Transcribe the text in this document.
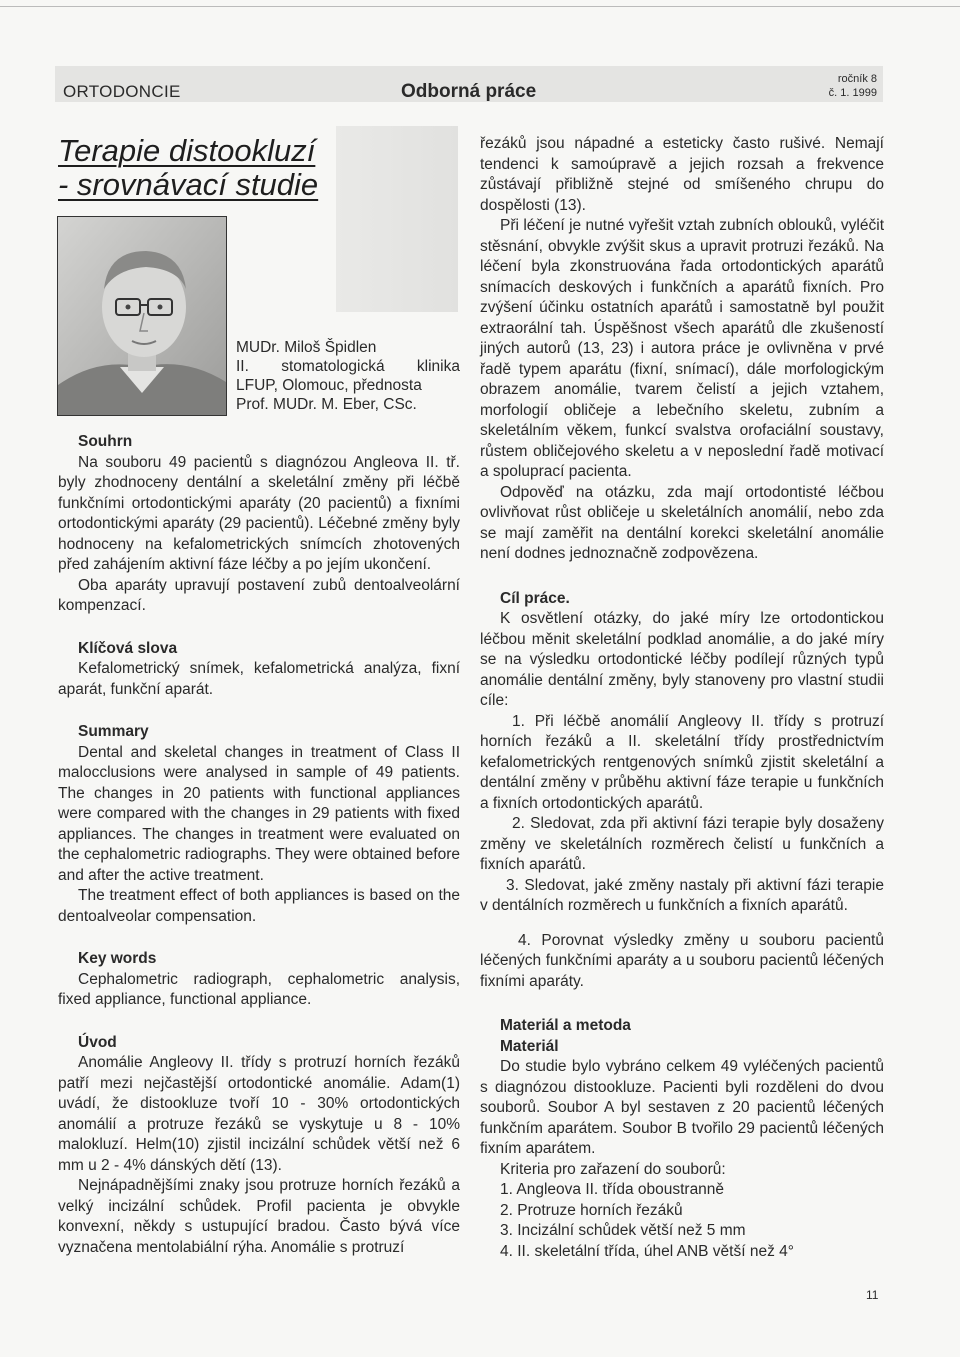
ORTODONCIE	Odborná práce
ročník 8
č. 1. 1999
Terapie distookluzí
- srovnávací studie
MUDr. Miloš Špidlen
II. stomatologická klinika
LFUP, Olomouc, přednosta
Prof. MUDr. M. Eber, CSc.
Souhrn

Na souboru 49 pacientů s diagnózou Angleova II. tř. byly zhodnoceny dentální a skeletální změny při léčbě funkčními ortodontickými aparáty (20 pacientů) a fixními ortodontickými aparáty (29 pacientů). Léčebné změny byly hodnoceny na kefalometrických snímcích zhotovených před zahájením aktivní fáze léčby a po jejím ukončení.

Oba aparáty upravují postavení zubů dentoalveolární kompenzací.

Klíčová slova

Kefalometrický snímek, kefalometrická analýza, fixní aparát, funkční aparát.

Summary

Dental and skeletal changes in treatment of Class II malocclusions were analysed in sample of 49 patients. The changes in 20 patients with functional appliances were compared with the changes in 29 patients with fixed appliances. The changes in treatment were evaluated on the cephalometric radiographs. They were obtained before and after the active treatment.

The treatment effect of both appliances is based on the dentoalveolar compensation.

Key words

Cephalometric radiograph, cephalometric analysis, fixed appliance, functional appliance.

Úvod

Anomálie Angleovy II. třídy s protruzí horních řezáků patří mezi nejčastější ortodontické anomálie. Adam(1) uvádí, že distookluze tvoří 10 - 30% ortodontických anomálií a protruze řezáků se vyskytuje u 8 - 10% malokluzí. Helm(10) zjistil incizální schůdek větší než 6 mm u 2 - 4% dánských dětí (13).

Nejnápadnějšími znaky jsou protruze horních řezáků a velký incizální schůdek. Profil pacienta je obvykle konvexní, někdy s ustupující bradou. Často bývá více vyznačena mentolabiální rýha. Anomálie s protruzí

řezáků jsou nápadné a esteticky často rušivé. Nemají tendenci k samoúpravě a jejich rozsah a frekvence zůstávají přibližně stejné od smíšeného chrupu do dospělosti (13).

Při léčení je nutné vyřešit vztah zubních oblouků, vyléčit stěsnání, obvykle zvýšit skus a upravit protruzi řezáků. Na léčení byla zkonstruována řada ortodontických aparátů snímacích deskových i funkčních a aparátů fixních. Pro zvýšení účinku ostatních aparátů i samostatně byl použit extraorální tah. Úspěšnost všech aparátů dle zkušeností jiných autorů (13, 23) i autora práce je ovlivněna v prvé řadě typem aparátu (fixní, snímací), dále morfologickým obrazem anomálie, tvarem čelistí a jejich vztahem, morfologií obličeje a lebečního skeletu, zubním a skeletálním věkem, funkcí svalstva orofaciální soustavy, růstem obličejového skeletu a v neposlední řadě motivací a spoluprací pacienta.

Odpověď na otázku, zda mají ortodontisté léčbou ovlivňovat růst obličeje u skeletálních anomálií, nebo zda se mají zaměřit na dentální korekci skeletální anomálie není dodnes jednoznačně zodpovězena.

Cíl práce.

K osvětlení otázky, do jaké míry lze ortodontickou léčbou měnit skeletální podklad anomálie, a do jaké míry se na výsledku ortodontické léčby podílejí různých typů anomálie dentální změny, byly stanoveny pro vlastní studii cíle:

1. Při léčbě anomálií Angleovy II. třídy s protruzí horních řezáků a II. skeletální třídy prostřednictvím kefalometrických rentgenových snímků zjistit skeletální a dentální změny v průběhu aktivní fáze terapie u funkčních a fixních ortodontických aparátů.

2. Sledovat, zda při aktivní fázi terapie byly dosaženy změny ve skeletálních rozměrech čelistí u funkčních a fixních aparátů.

3. Sledovat, jaké změny nastaly při aktivní fázi terapie v dentálních rozměrech u funkčních a fixních aparátů.

4. Porovnat výsledky změny u souboru pacientů léčených funkčními aparáty a u souboru pacientů léčených fixními aparáty.

Materiál a metoda
Materiál

Do studie bylo vybráno celkem 49 vyléčených pacientů s diagnózou distookluze. Pacienti byli rozděleni do dvou souborů. Soubor A byl sestaven z 20 pacientů léčených funkčním aparátem. Soubor B tvořilo 29 pacientů léčených fixním aparátem.

Kriteria pro zařazení do souborů:

1. Angleova II. třída oboustranně

2. Protruze horních řezáků

3. Incizální schůdek větší než 5 mm

4. II. skeletální třída, úhel ANB větší než 4°

11
